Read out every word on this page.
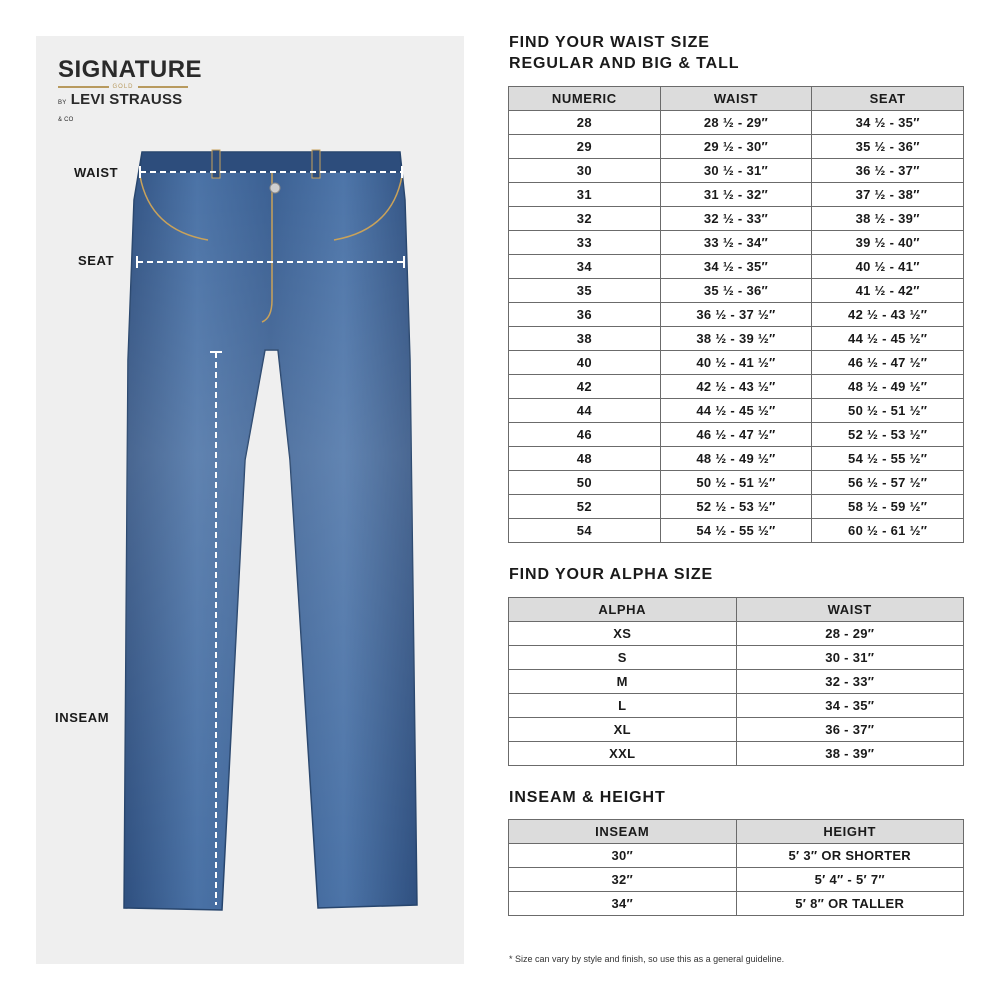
SIGNATURE
GOLD
BY LEVI STRAUSS & CO
WAIST
SEAT
INSEAM
FIND YOUR WAIST SIZE
REGULAR AND BIG & TALL
NUMERIC	WAIST	SEAT
28	28 ½ - 29″	34 ½ - 35″
29	29 ½ - 30″	35 ½ - 36″
30	30 ½ - 31″	36 ½ - 37″
31	31 ½ - 32″	37 ½ - 38″
32	32 ½ - 33″	38 ½ - 39″
33	33 ½ - 34″	39 ½ - 40″
34	34 ½ - 35″	40 ½ - 41″
35	35 ½ - 36″	41 ½ - 42″
36	36 ½ - 37 ½″	42 ½ - 43 ½″
38	38 ½ - 39 ½″	44 ½ - 45 ½″
40	40 ½ - 41 ½″	46 ½ - 47 ½″
42	42 ½ - 43 ½″	48 ½ - 49 ½″
44	44 ½ - 45 ½″	50 ½ - 51 ½″
46	46 ½ - 47 ½″	52 ½ - 53 ½″
48	48 ½ - 49 ½″	54 ½ - 55 ½″
50	50 ½ - 51 ½″	56 ½ - 57 ½″
52	52 ½ - 53 ½″	58 ½ - 59 ½″
54	54 ½ - 55 ½″	60 ½ - 61 ½″
FIND YOUR ALPHA SIZE
ALPHA	WAIST
XS	28 - 29″
S	30 - 31″
M	32 - 33″
L	34 - 35″
XL	36 - 37″
XXL	38 - 39″
INSEAM & HEIGHT
INSEAM	HEIGHT
30″	5′ 3″ OR SHORTER
32″	5′ 4″ - 5′ 7″
34″	5′ 8″ OR TALLER
* Size can vary by style and finish, so use this as a general guideline.
